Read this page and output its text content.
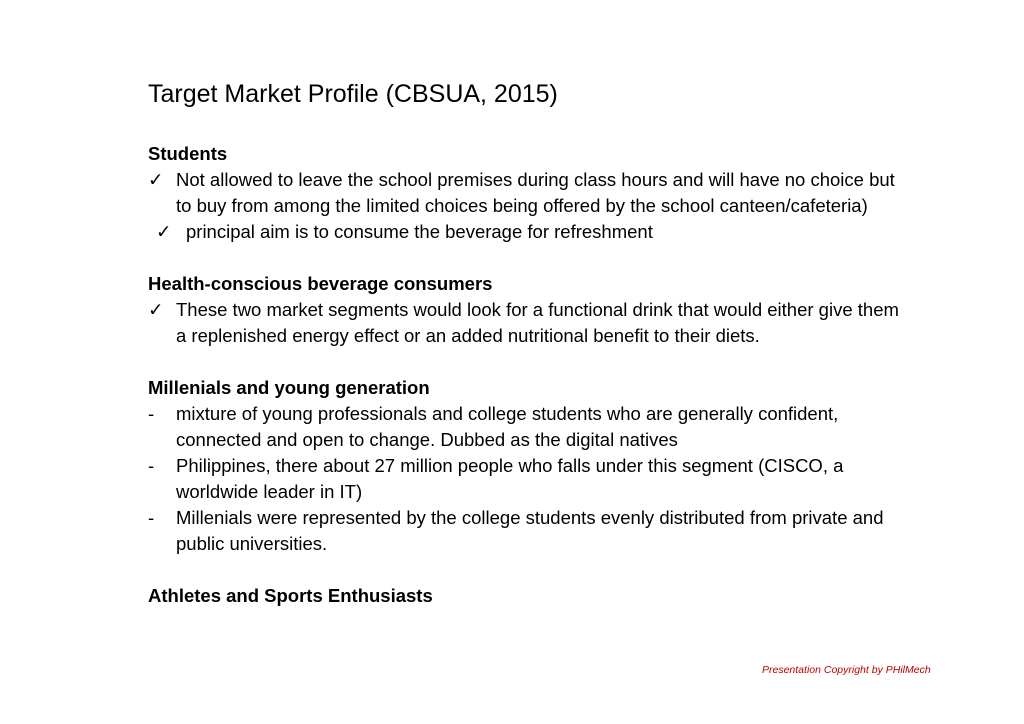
Target Market Profile (CBSUA, 2015)
Students
✓ Not allowed to leave the school premises during class hours and will have no choice but to buy from among the limited choices being offered by the school canteen/cafeteria)
✓ principal aim is to consume the beverage for refreshment
Health-conscious beverage consumers
✓ These two market segments would look for a functional drink that would either give them a replenished energy effect or an added nutritional benefit to their diets.
Millenials and young generation
-	mixture of young professionals and college students who are generally confident, connected and open to change. Dubbed as the digital natives
-	Philippines, there about 27 million people who falls under this segment (CISCO, a worldwide leader in IT)
-	Millenials were represented by the college students evenly distributed from private and public universities.
Athletes and Sports Enthusiasts
Presentation Copyright by PHilMech
